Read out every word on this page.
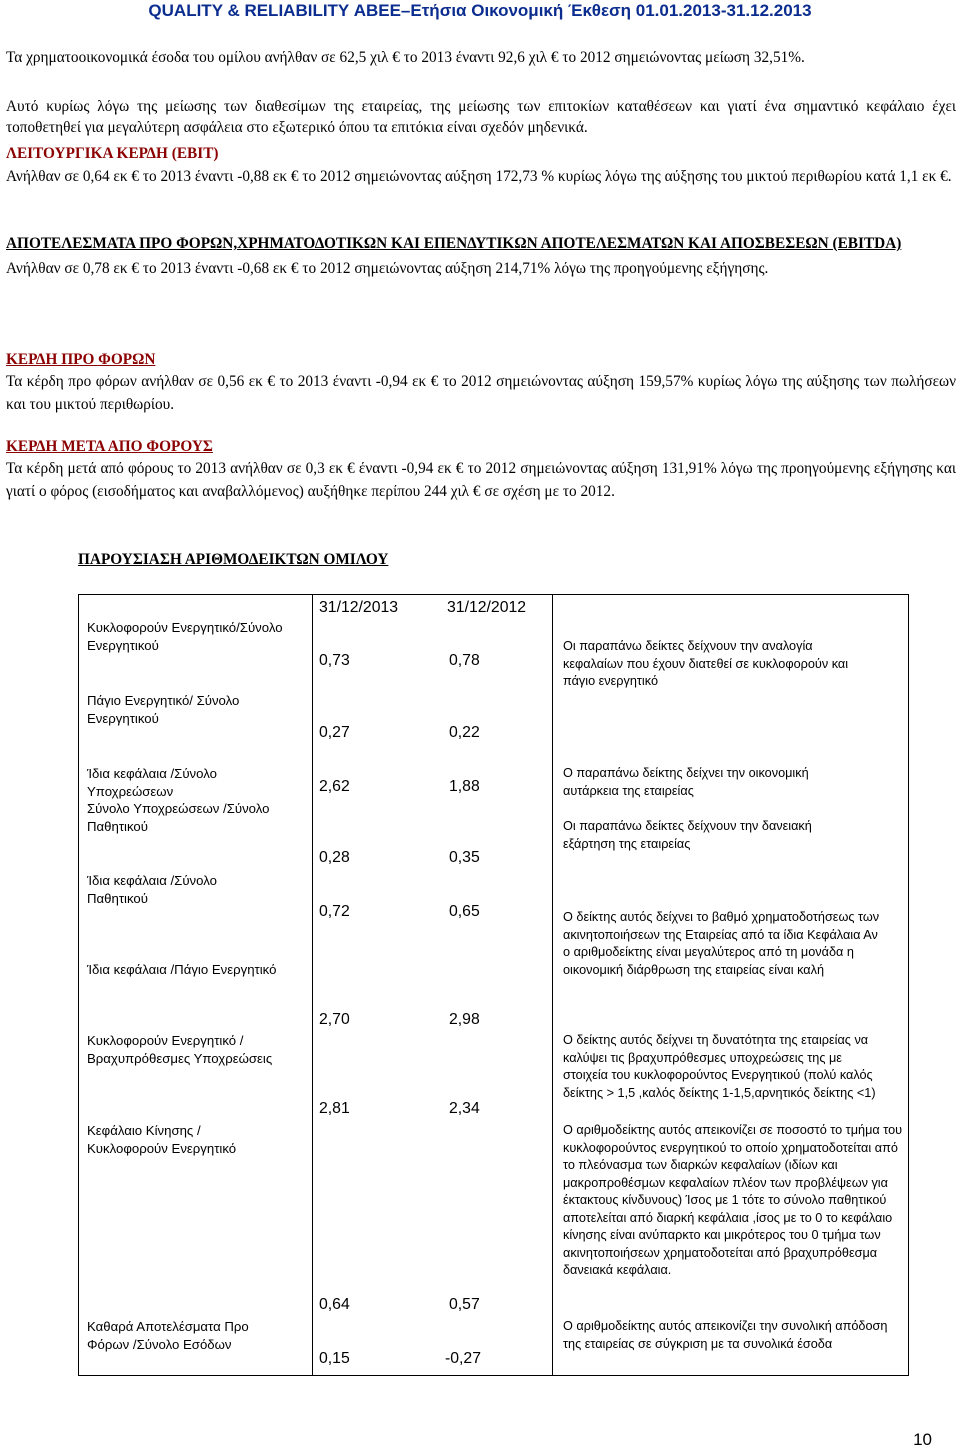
QUALITY & RELIABILITY ΑΒΕΕ–Ετήσια Οικονομική Έκθεση 01.01.2013-31.12.2013
Τα χρηματοοικονομικά έσοδα του ομίλου ανήλθαν σε 62,5 χιλ € το 2013 έναντι 92,6 χιλ € το 2012 σημειώνοντας μείωση 32,51%.
Αυτό κυρίως λόγω της μείωσης των διαθεσίμων της εταιρείας, της μείωσης των επιτοκίων καταθέσεων και γιατί ένα σημαντικό κεφάλαιο έχει τοποθετηθεί για μεγαλύτερη ασφάλεια στο εξωτερικό όπου τα επιτόκια είναι σχεδόν μηδενικά.
ΛΕΙΤΟΥΡΓΙΚΑ ΚΕΡΔΗ (EBIT)
Ανήλθαν σε 0,64 εκ € το 2013 έναντι -0,88 εκ € το 2012 σημειώνοντας αύξηση 172,73 % κυρίως λόγω της αύξησης του μικτού περιθωρίου κατά 1,1 εκ €.
ΑΠΟΤΕΛΕΣΜΑΤΑ ΠΡΟ ΦΟΡΩΝ,ΧΡΗΜΑΤΟΔΟΤΙΚΩΝ ΚΑΙ ΕΠΕΝΔΥΤΙΚΩΝ ΑΠΟΤΕΛΕΣΜΑΤΩΝ ΚΑΙ ΑΠΟΣΒΕΣΕΩΝ (EBITDA)
Ανήλθαν σε 0,78 εκ € το 2013 έναντι -0,68 εκ € το 2012 σημειώνοντας αύξηση 214,71% λόγω της προηγούμενης εξήγησης.
ΚΕΡΔΗ ΠΡΟ ΦΟΡΩΝ
Τα κέρδη προ φόρων ανήλθαν σε 0,56 εκ € το 2013 έναντι -0,94 εκ € το 2012 σημειώνοντας αύξηση 159,57% κυρίως λόγω της αύξησης των πωλήσεων και του μικτού περιθωρίου.
ΚΕΡΔΗ ΜΕΤΑ ΑΠΟ ΦΟΡΟΥΣ
Τα κέρδη μετά από φόρους το 2013 ανήλθαν σε 0,3 εκ € έναντι -0,94 εκ € το 2012 σημειώνοντας αύξηση 131,91% λόγω της προηγούμενης εξήγησης και γιατί ο φόρος (εισοδήματος και αναβαλλόμενος) αυξήθηκε περίπου 244 χιλ € σε σχέση με το 2012.
ΠΑΡΟΥΣΙΑΣΗ ΑΡΙΘΜΟΔΕΙΚΤΩΝ ΟΜΙΛΟΥ
31/12/2013	31/12/2012
Κυκλοφορούν Ενεργητικό/Σύνολο Ενεργητικού
Πάγιο Ενεργητικό/ Σύνολο Ενεργητικού
Ίδια κεφάλαια /Σύνολο Υποχρεώσεων
Σύνολο Υποχρεώσεων /Σύνολο Παθητικού
Ίδια κεφάλαια /Σύνολο Παθητικού
Ίδια κεφάλαια /Πάγιο Ενεργητικό
Κυκλοφορούν Ενεργητικό /Βραχυπρόθεσμες Υποχρεώσεις
Κεφάλαιο Κίνησης /Κυκλοφορούν Ενεργητικό
Καθαρά Αποτελέσματα Προ Φόρων /Σύνολο Εσόδων
0,73
0,27
2,62
0,28
0,72
2,70
2,81
0,64
0,15
0,78
0,22
1,88
0,35
0,65
2,98
2,34
0,57
-0,27
Οι παραπάνω δείκτες δείχνουν την αναλογία κεφαλαίων που έχουν διατεθεί σε κυκλοφορούν και πάγιο ενεργητικό
Ο παραπάνω δείκτης δείχνει την οικονομική αυτάρκεια της εταιρείας
Οι παραπάνω δείκτες δείχνουν την δανειακή εξάρτηση της εταιρείας
Ο δείκτης αυτός δείχνει το βαθμό χρηματοδοτήσεως των ακινητοποιήσεων της Εταιρείας από τα ίδια Κεφάλαια Αν ο αριθμοδείκτης είναι μεγαλύτερος από τη μονάδα η οικονομική διάρθρωση της εταιρείας είναι καλή
Ο δείκτης αυτός δείχνει τη δυνατότητα της εταιρείας να καλύψει τις βραχυπρόθεσμες υποχρεώσεις της με στοιχεία του κυκλοφορούντος Ενεργητικού (πολύ καλός δείκτης > 1,5 ,καλός δείκτης 1-1,5,αρνητικός δείκτης <1)
Ο αριθμοδείκτης αυτός απεικονίζει σε ποσοστό το τμήμα του κυκλοφορούντος ενεργητικού το οποίο χρηματοδοτείται από το πλεόνασμα των διαρκών κεφαλαίων (ιδίων και μακροπροθέσμων κεφαλαίων πλέον των προβλέψεων για έκτακτους κίνδυνους) Ίσος με 1 τότε το σύνολο παθητικού αποτελείται από διαρκή κεφάλαια ,ίσος με το 0 το κεφάλαιο κίνησης είναι ανύπαρκτο και μικρότερος του 0 τμήμα των ακινητοποιήσεων χρηματοδοτείται από βραχυπρόθεσμα δανειακά κεφάλαια.
Ο αριθμοδείκτης αυτός απεικονίζει την συνολική απόδοση της εταιρείας σε σύγκριση με τα συνολικά έσοδα
10
